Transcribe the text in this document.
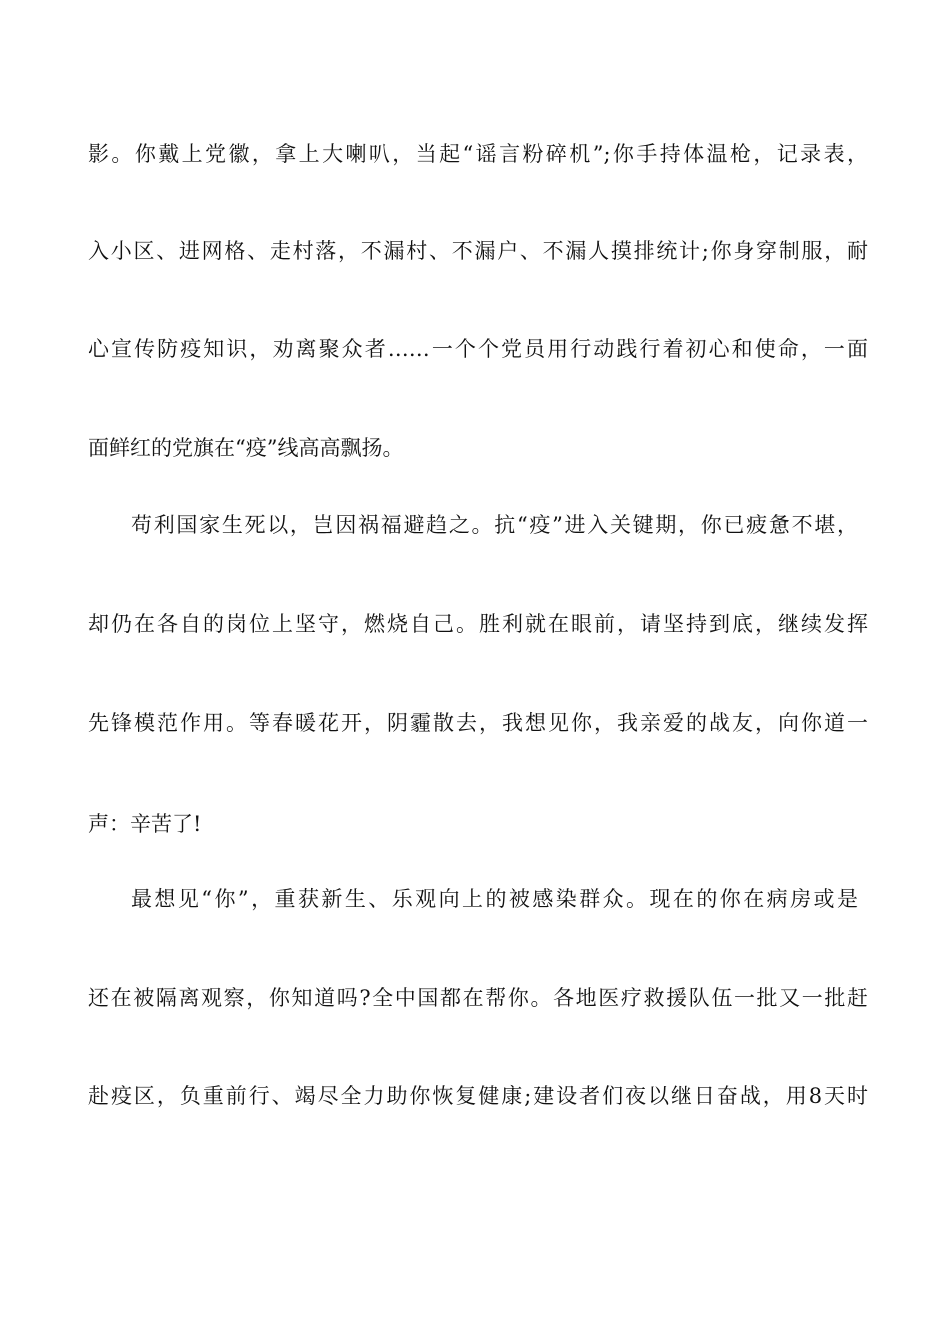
影。你戴上党徽，拿上大喇叭，当起“谣言粉碎机”;你手持体温枪，记录表，
入小区、进网格、走村落，不漏村、不漏户、不漏人摸排统计;你身穿制服，耐
心宣传防疫知识，劝离聚众者……一个个党员用行动践行着初心和使命，一面
面鲜红的党旗在“疫”线高高飘扬。
苟利国家生死以，岂因祸福避趋之。抗“疫”进入关键期，你已疲惫不堪，
却仍在各自的岗位上坚守，燃烧自己。胜利就在眼前，请坚持到底，继续发挥
先锋模范作用。等春暖花开，阴霾散去，我想见你，我亲爱的战友，向你道一
声：辛苦了!
最想见“你”，重获新生、乐观向上的被感染群众。现在的你在病房或是
还在被隔离观察，你知道吗?全中国都在帮你。各地医疗救援队伍一批又一批赶
赴疫区，负重前行、竭尽全力助你恢复健康;建设者们夜以继日奋战，用8天时
